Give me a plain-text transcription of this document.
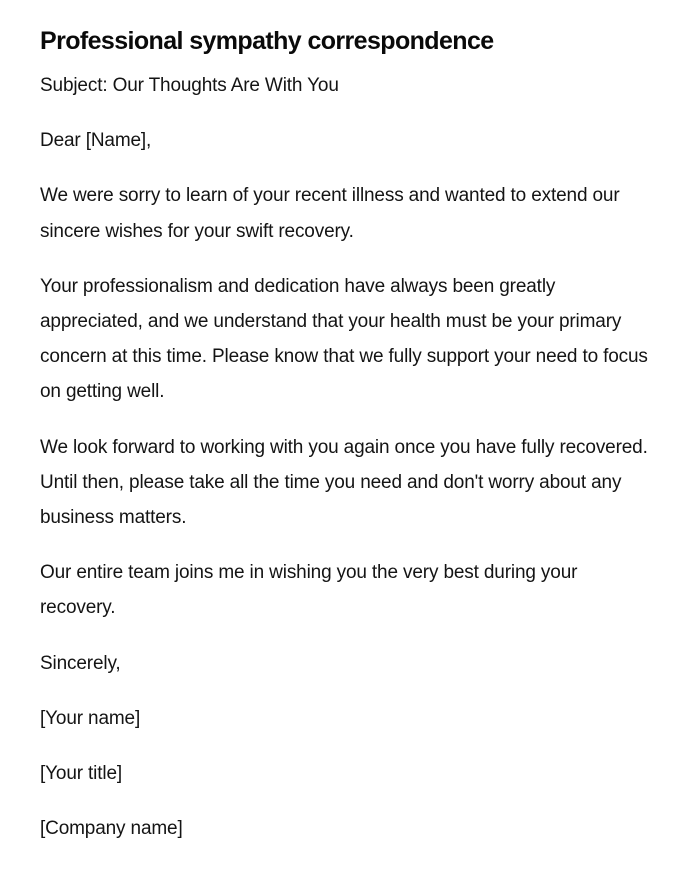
Professional sympathy correspondence

Subject: Our Thoughts Are With You

Dear [Name],

We were sorry to learn of your recent illness and wanted to extend our sincere wishes for your swift recovery.

Your professionalism and dedication have always been greatly appreciated, and we understand that your health must be your primary concern at this time. Please know that we fully support your need to focus on getting well.

We look forward to working with you again once you have fully recovered. Until then, please take all the time you need and don't worry about any business matters.

Our entire team joins me in wishing you the very best during your recovery.

Sincerely,

[Your name]

[Your title]

[Company name]
